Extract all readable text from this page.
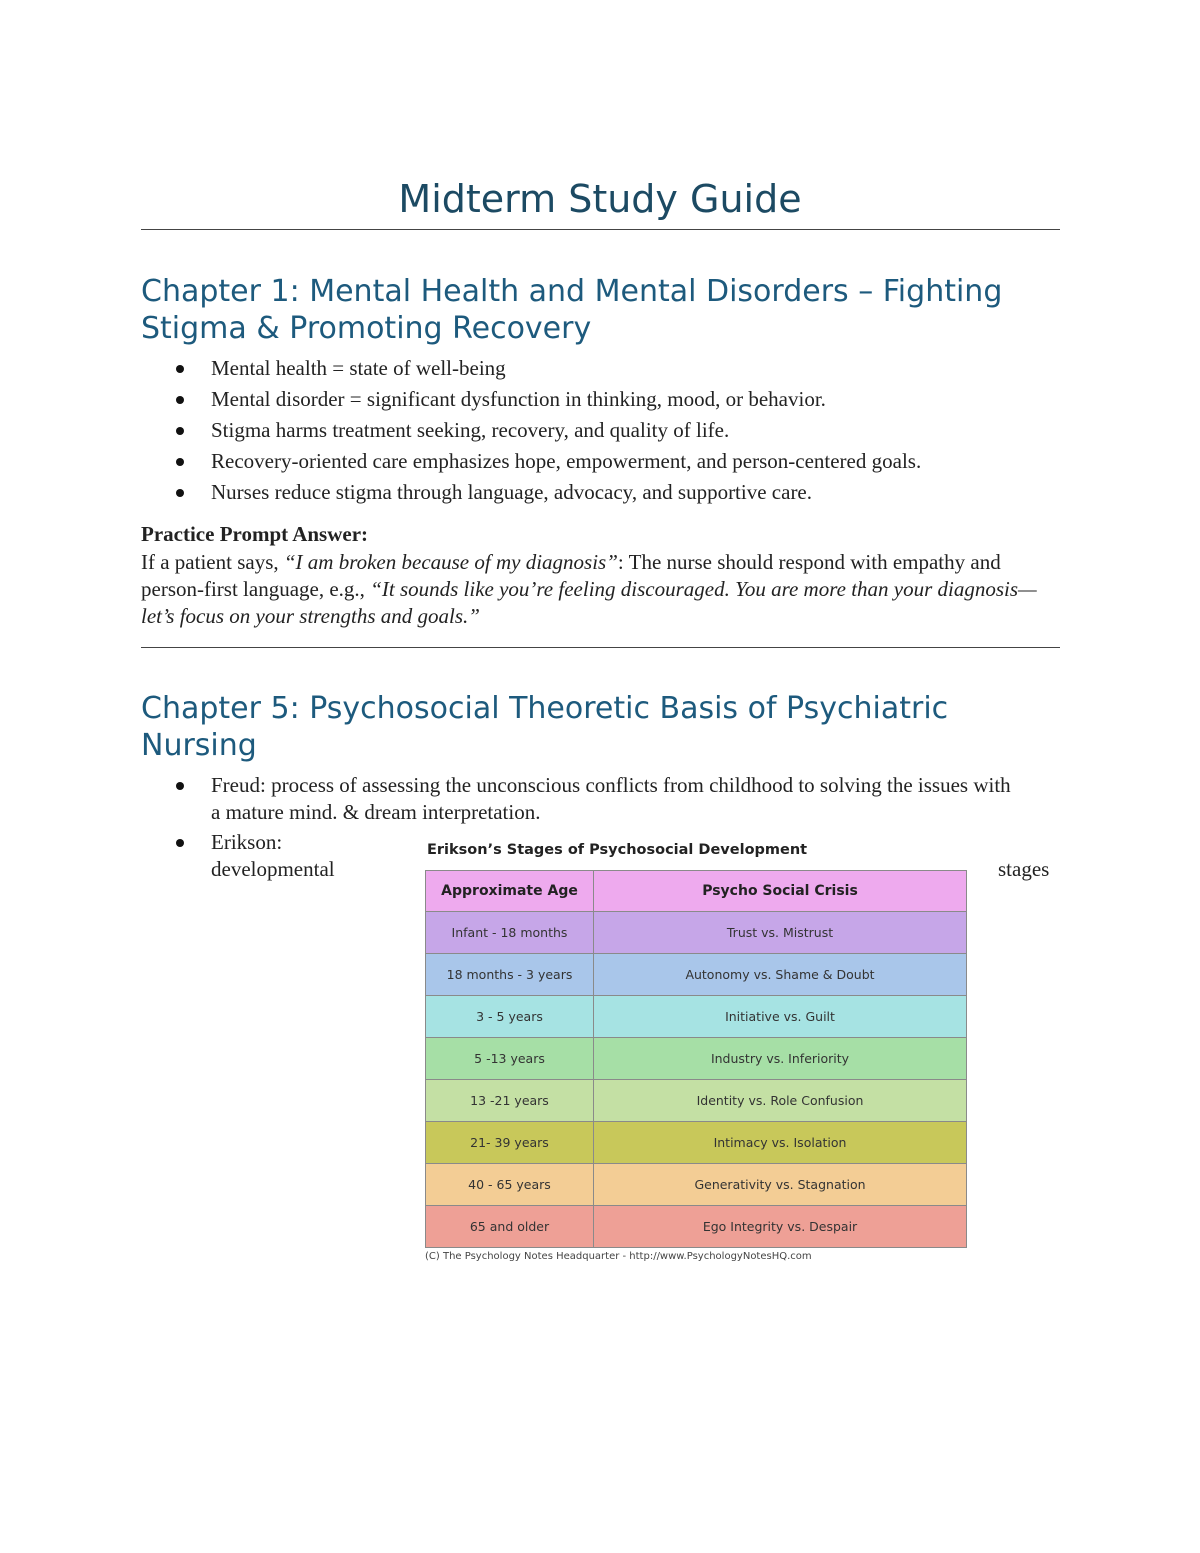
Midterm Study Guide
Chapter 1: Mental Health and Mental Disorders – Fighting Stigma & Promoting Recovery
Mental health = state of well-being
Mental disorder = significant dysfunction in thinking, mood, or behavior.
Stigma harms treatment seeking, recovery, and quality of life.
Recovery-oriented care emphasizes hope, empowerment, and person-centered goals.
Nurses reduce stigma through language, advocacy, and supportive care.

Practice Prompt Answer:

If a patient says, “I am broken because of my diagnosis”: The nurse should respond with empathy and person-first language, e.g., “It sounds like you’re feeling discouraged. You are more than your diagnosis—let’s focus on your strengths and goals.”

Chapter 5: Psychosocial Theoretic Basis of Psychiatric Nursing
Freud: process of assessing the unconscious conflicts from childhood to solving the issues with a mature mind. & dream interpretation.
Erikson:
developmental	stages
Erikson’s Stages of Psychosocial Development
Approximate Age	Psycho Social Crisis
Infant - 18 months	Trust vs. Mistrust
18 months - 3 years	Autonomy vs. Shame & Doubt
3 - 5 years	Initiative vs. Guilt
5 -13 years	Industry vs. Inferiority
13 -21 years	Identity vs. Role Confusion
21- 39 years	Intimacy vs. Isolation
40 - 65 years	Generativity vs. Stagnation
65 and older	Ego Integrity vs. Despair
(C) The Psychology Notes Headquarter - http://www.PsychologyNotesHQ.com
